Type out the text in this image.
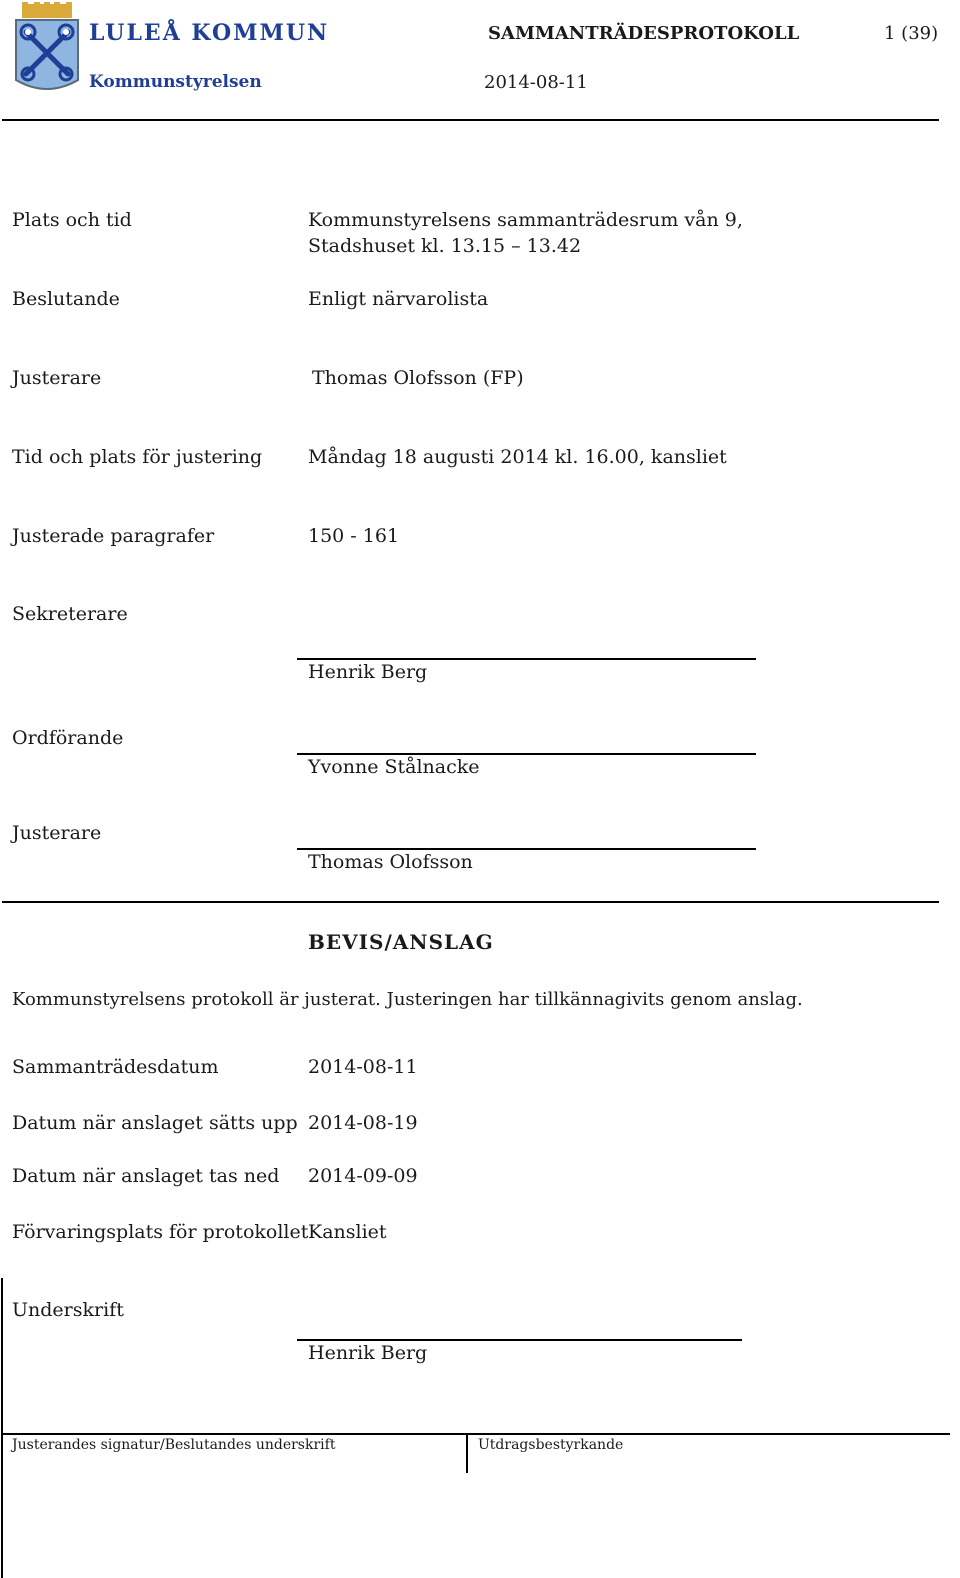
LULEÅ KOMMUN
Kommunstyrelsen
SAMMANTRÄDESPROTOKOLL	1 (39)
2014-08-11
Plats och tid	Kommunstyrelsens sammanträdesrum vån 9,
Stadshuset kl. 13.15 – 13.42
Beslutande	Enligt närvarolista
Justerare	Thomas Olofsson (FP)
Tid och plats för justering Måndag 18 augusti 2014 kl. 16.00, kansliet
Justerade paragrafer	150 - 161
Sekreterare
Henrik Berg
Ordförande
Yvonne Stålnacke
Justerare
Thomas Olofsson
BEVIS/ANSLAG
Kommunstyrelsens protokoll är justerat. Justeringen har tillkännagivits genom anslag.
Sammanträdesdatum	2014-08-11
Datum när anslaget sätts upp 2014-08-19
Datum när anslaget tas ned 2014-09-09
Förvaringsplats för protokollet Kansliet
Underskrift
Henrik Berg
Justerandes signatur/Beslutandes underskrift	Utdragsbestyrkande
